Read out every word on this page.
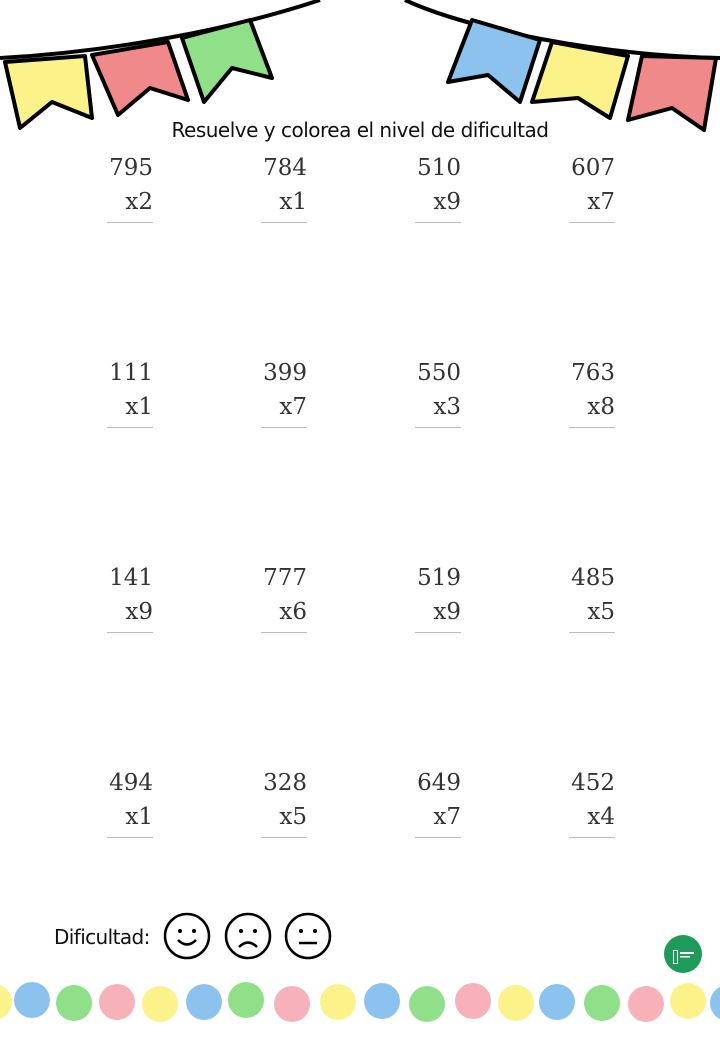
Resuelve y colorea el nivel de dificultad
795
x2
784
x1
510
x9
607
x7
111
x1
399
x7
550
x3
763
x8
141
x9
777
x6
519
x9
485
x5
494
x1
328
x5
649
x7
452
x4
Dificultad:
